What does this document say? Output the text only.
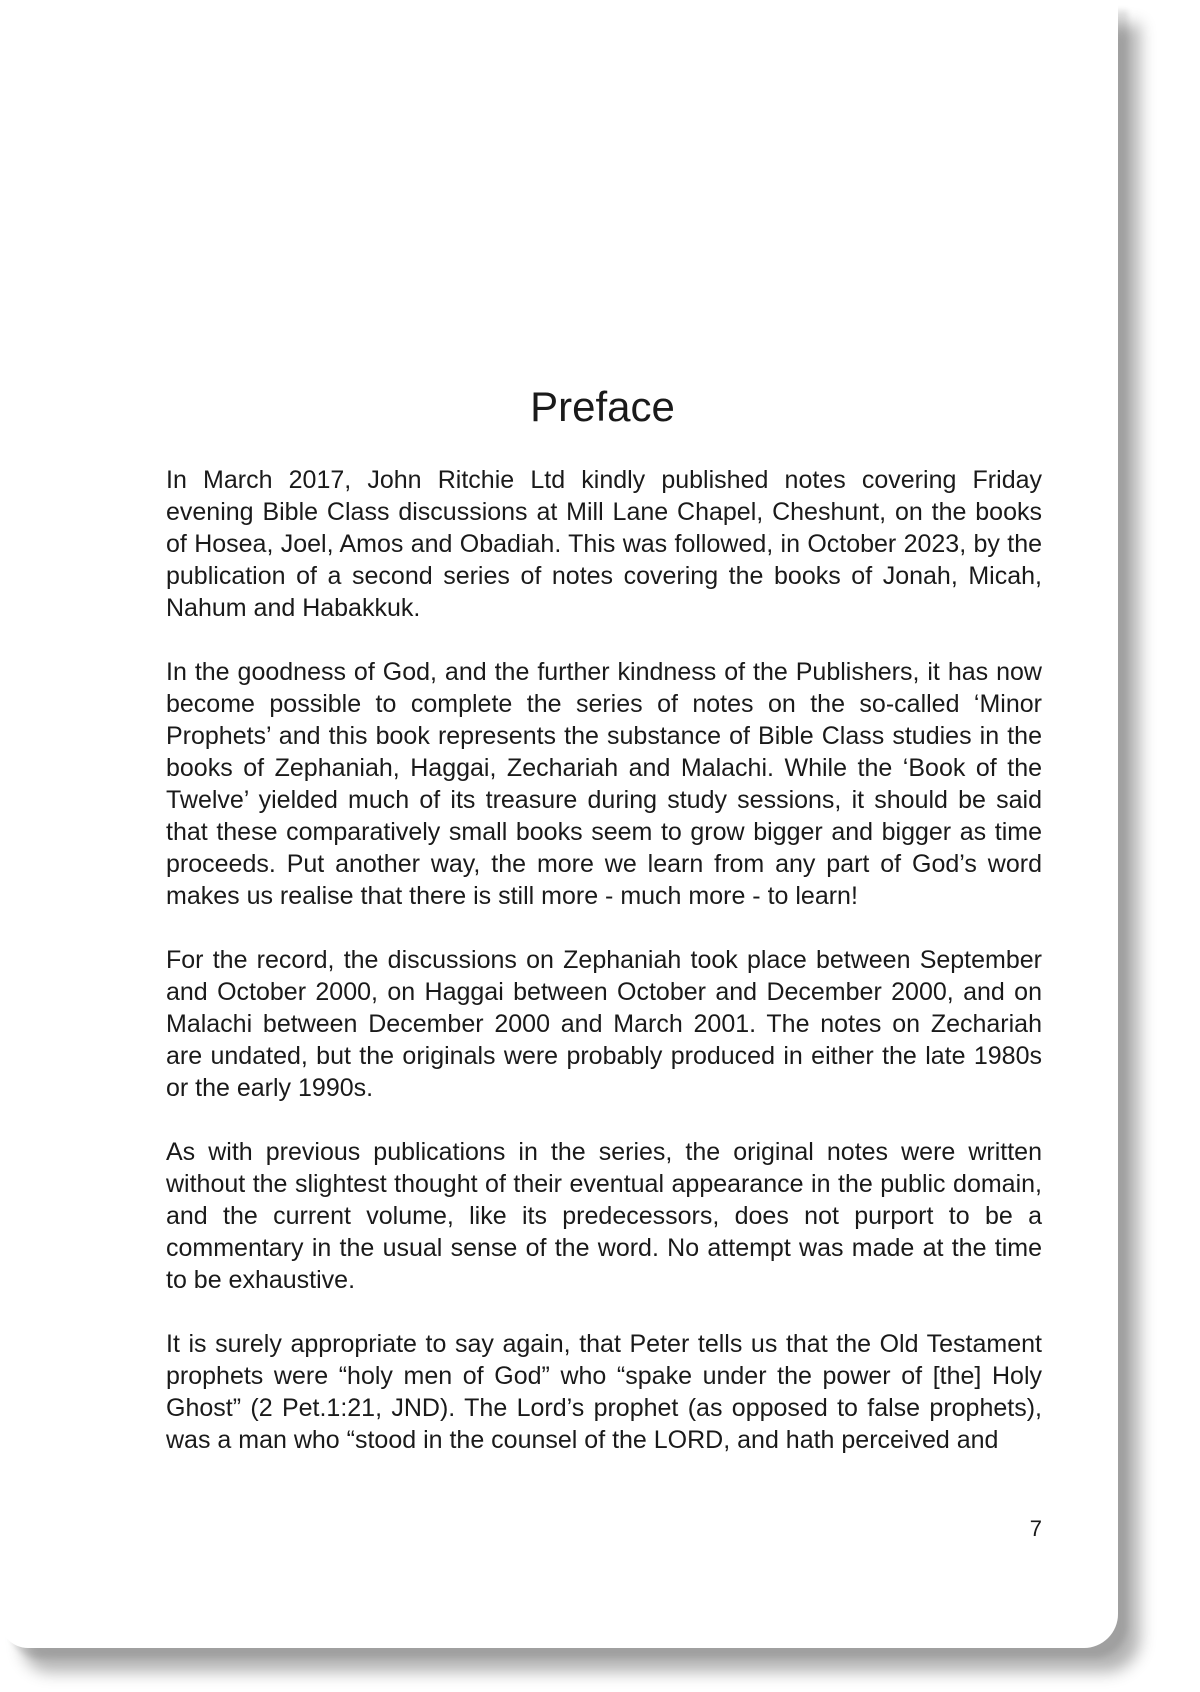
Preface

In March 2017, John Ritchie Ltd kindly published notes covering Friday evening Bible Class discussions at Mill Lane Chapel, Cheshunt, on the books of Hosea, Joel, Amos and Obadiah. This was followed, in October 2023, by the publication of a second series of notes covering the books of Jonah, Micah, Nahum and Habakkuk.

In the goodness of God, and the further kindness of the Publishers, it has now become possible to complete the series of notes on the so-called ‘Minor Prophets’ and this book represents the substance of Bible Class studies in the books of Zephaniah, Haggai, Zechariah and Malachi. While the ‘Book of the Twelve’ yielded much of its treasure during study sessions, it should be said that these comparatively small books seem to grow bigger and bigger as time proceeds. Put another way, the more we learn from any part of God’s word makes us realise that there is still more - much more - to learn!

For the record, the discussions on Zephaniah took place between September and October 2000, on Haggai between October and December 2000, and on Malachi between December 2000 and March 2001. The notes on Zechariah are undated, but the originals were probably produced in either the late 1980s or the early 1990s.

As with previous publications in the series, the original notes were written without the slightest thought of their eventual appearance in the public domain, and the current volume, like its predecessors, does not purport to be a commentary in the usual sense of the word. No attempt was made at the time to be exhaustive.

It is surely appropriate to say again, that Peter tells us that the Old Testament prophets were “holy men of God” who “spake under the power of [the] Holy Ghost” (2 Pet.1:21, JND). The Lord’s prophet (as opposed to false prophets), was a man who “stood in the counsel of the LORD, and hath perceived and

7
